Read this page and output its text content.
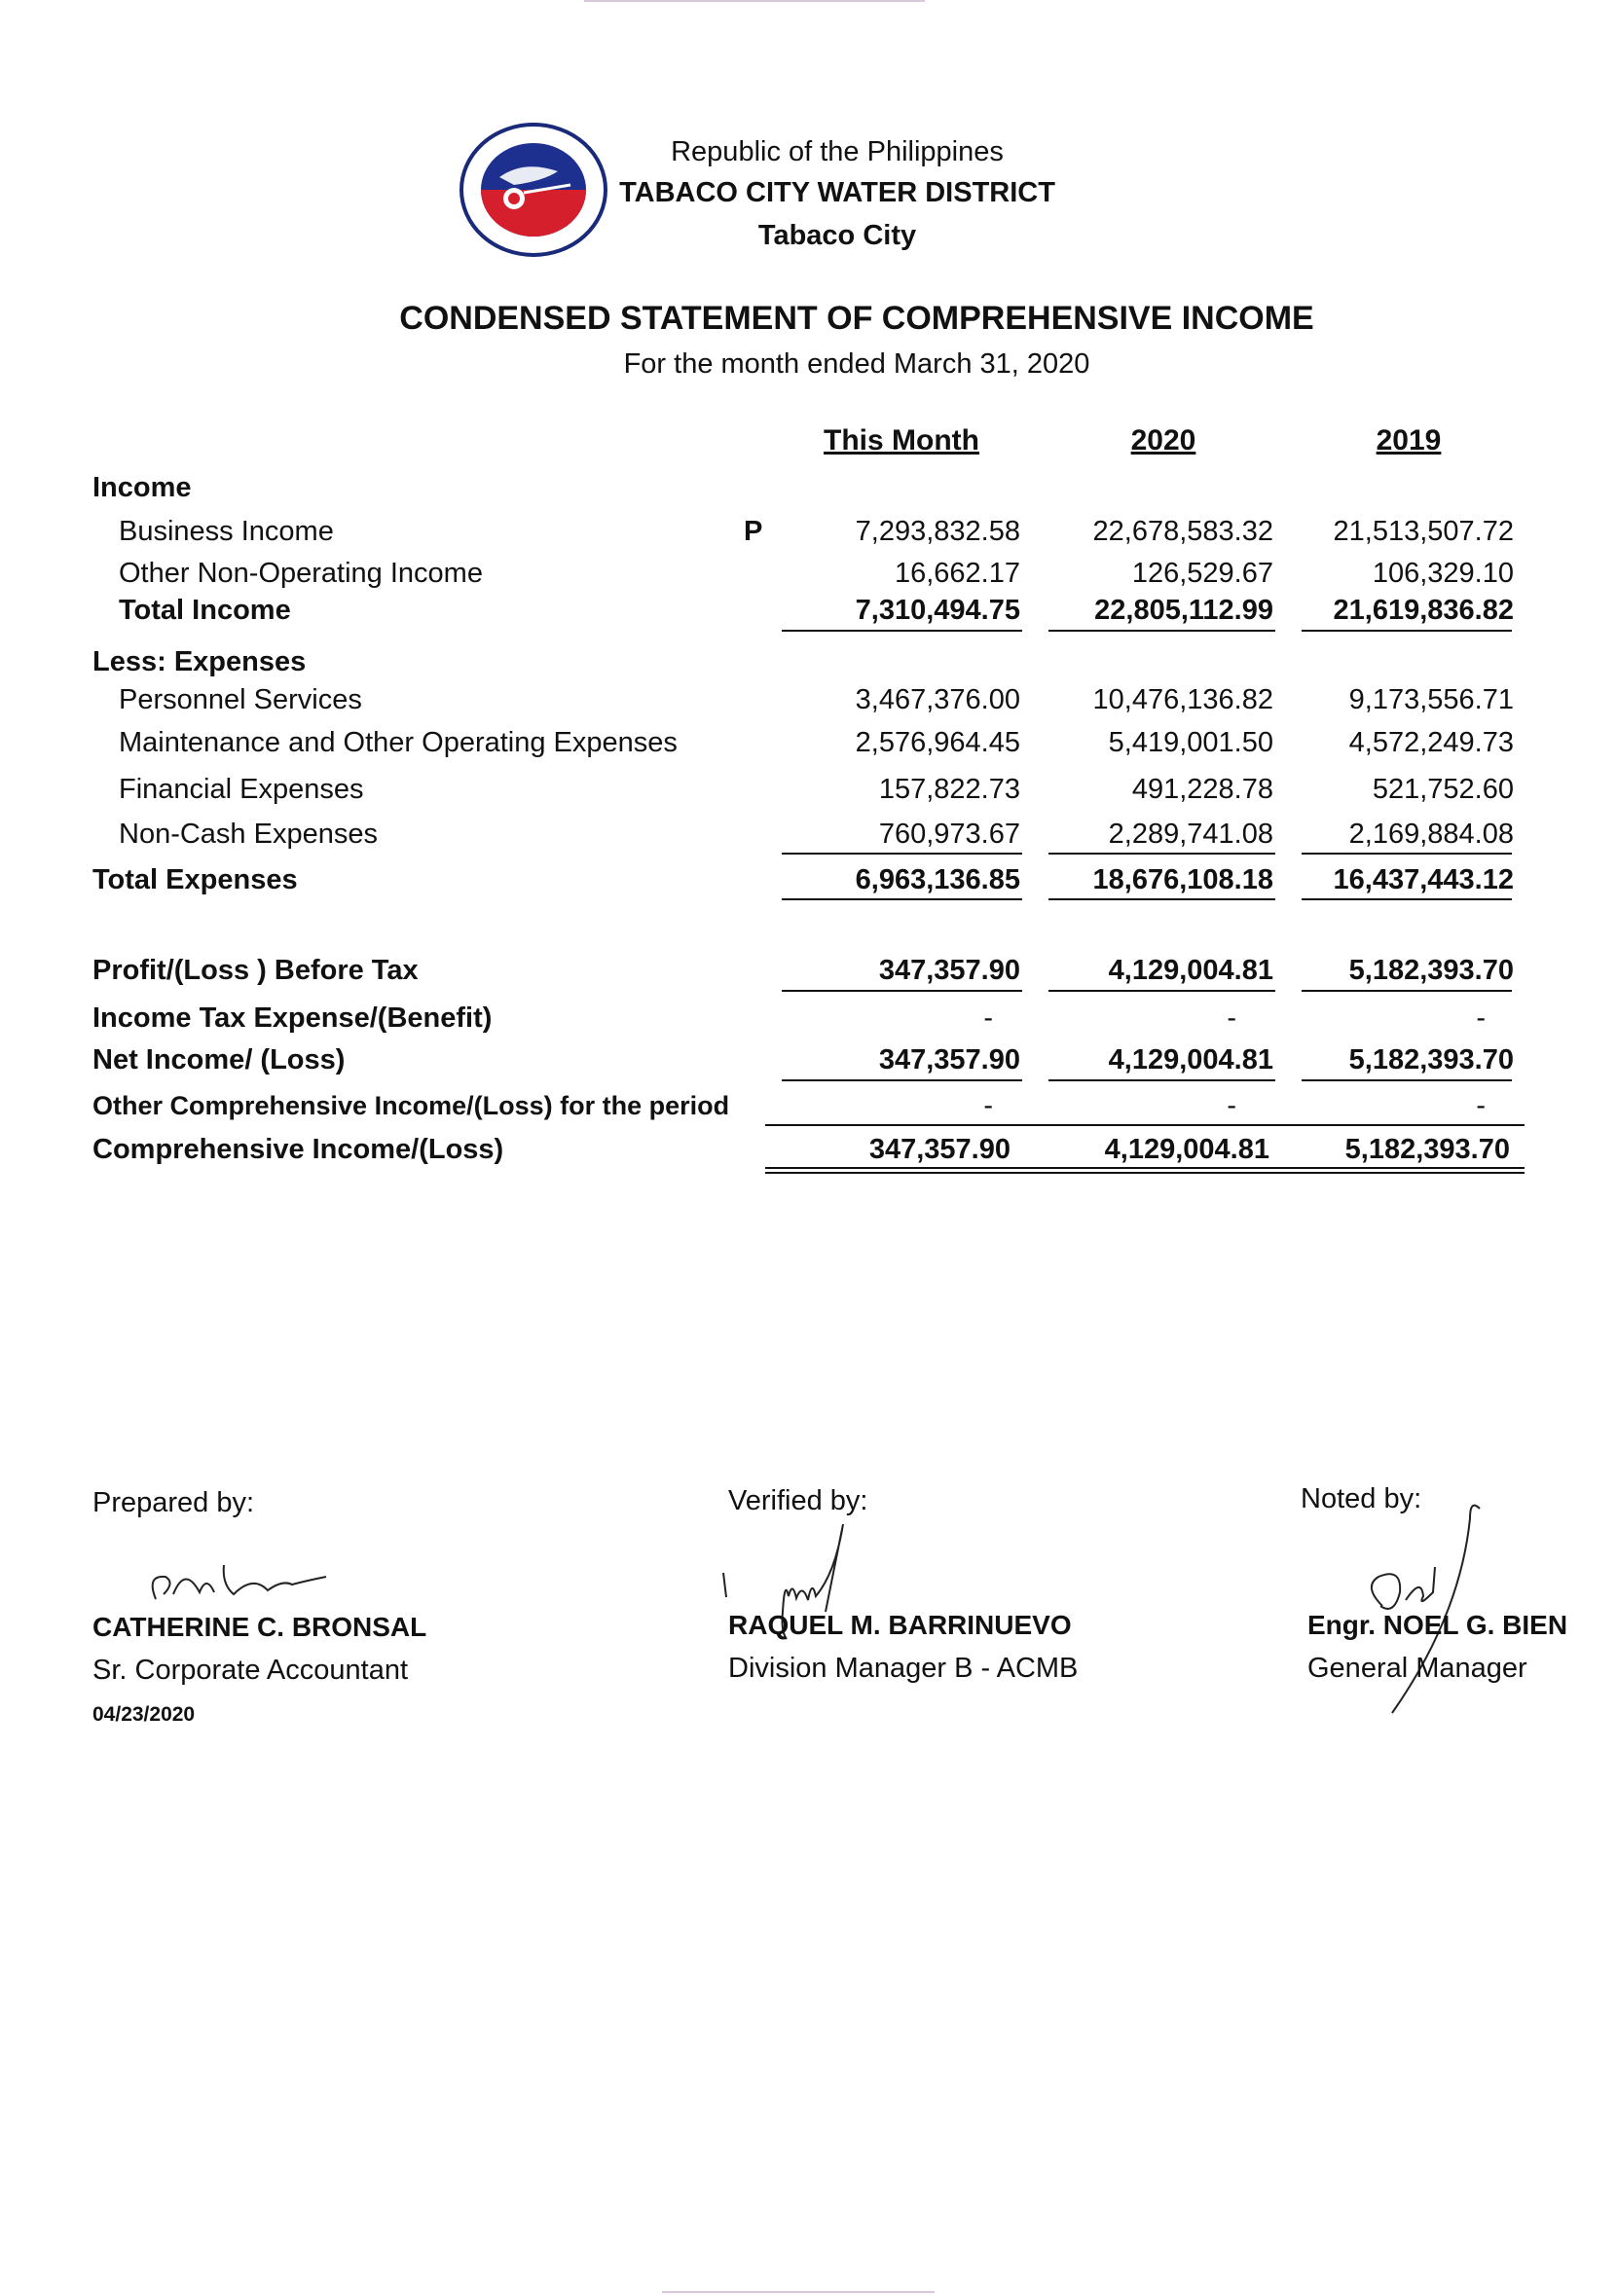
Republic of the Philippines
TABACO CITY WATER DISTRICT
Tabaco City
CONDENSED STATEMENT OF COMPREHENSIVE INCOME
For the month ended March 31, 2020
This Month	2020	2019
Income
Business Income	P	7,293,832.58	22,678,583.32	21,513,507.72
Other Non-Operating Income	16,662.17	126,529.67	106,329.10
Total Income	7,310,494.75	22,805,112.99	21,619,836.82
Less: Expenses
Personnel Services	3,467,376.00	10,476,136.82	9,173,556.71
Maintenance and Other Operating Expenses	2,576,964.45	5,419,001.50	4,572,249.73
Financial Expenses	157,822.73	491,228.78	521,752.60
Non-Cash Expenses	760,973.67	2,289,741.08	2,169,884.08
Total Expenses	6,963,136.85	18,676,108.18	16,437,443.12
Profit/(Loss ) Before Tax	347,357.90	4,129,004.81	5,182,393.70
Income Tax Expense/(Benefit)	-	-	-
Net Income/ (Loss)	347,357.90	4,129,004.81	5,182,393.70
Other Comprehensive Income/(Loss) for the period	-	-	-
Comprehensive Income/(Loss)	347,357.90	4,129,004.81	5,182,393.70
Prepared by:	Verified by:	Noted by:
CATHERINE C. BRONSAL	RAQUEL M. BARRINUEVO	Engr. NOEL G. BIEN
Sr. Corporate Accountant	Division Manager B - ACMB	General Manager
04/23/2020
